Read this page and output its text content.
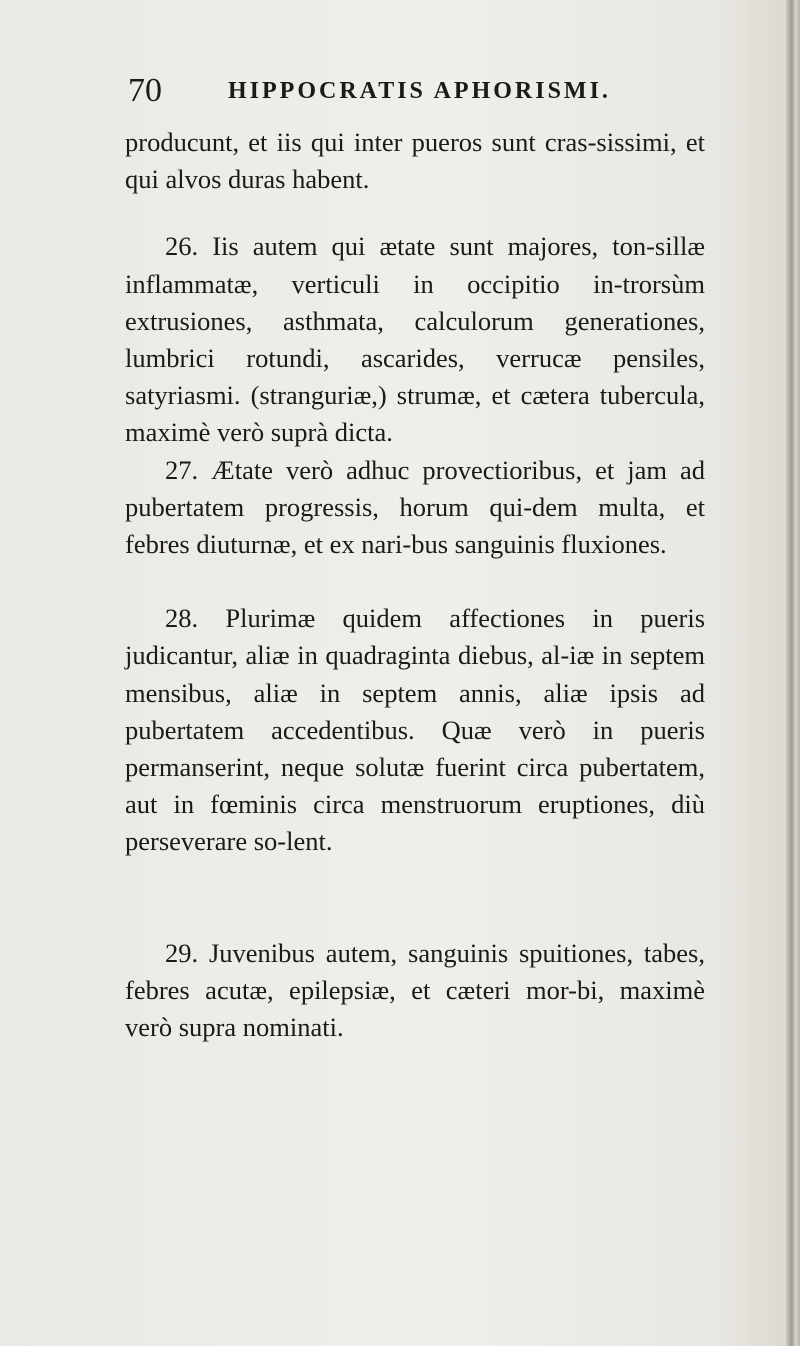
70	HIPPOCRATIS APHORISMI.

producunt, et iis qui inter pueros sunt cras-sissimi, et qui alvos duras habent.

26. Iis autem qui ætate sunt majores, ton-sillæ inflammatæ, verticuli in occipitio in-trorsùm extrusiones, asthmata, calculorum generationes, lumbrici rotundi, ascarides, verrucæ pensiles, satyriasmi. (stranguriæ,) strumæ, et cætera tubercula, maximè verò suprà dicta.

27. Ætate verò adhuc provectioribus, et jam ad pubertatem progressis, horum qui-dem multa, et febres diuturnæ, et ex nari-bus sanguinis fluxiones.

28. Plurimæ quidem affectiones in pueris judicantur, aliæ in quadraginta diebus, al-iæ in septem mensibus, aliæ in septem annis, aliæ ipsis ad pubertatem accedentibus. Quæ verò in pueris permanserint, neque solutæ fuerint circa pubertatem, aut in fœminis circa menstruorum eruptiones, diù perseverare so-lent.

29. Juvenibus autem, sanguinis spuitiones, tabes, febres acutæ, epilepsiæ, et cæteri mor-bi, maximè verò supra nominati.
